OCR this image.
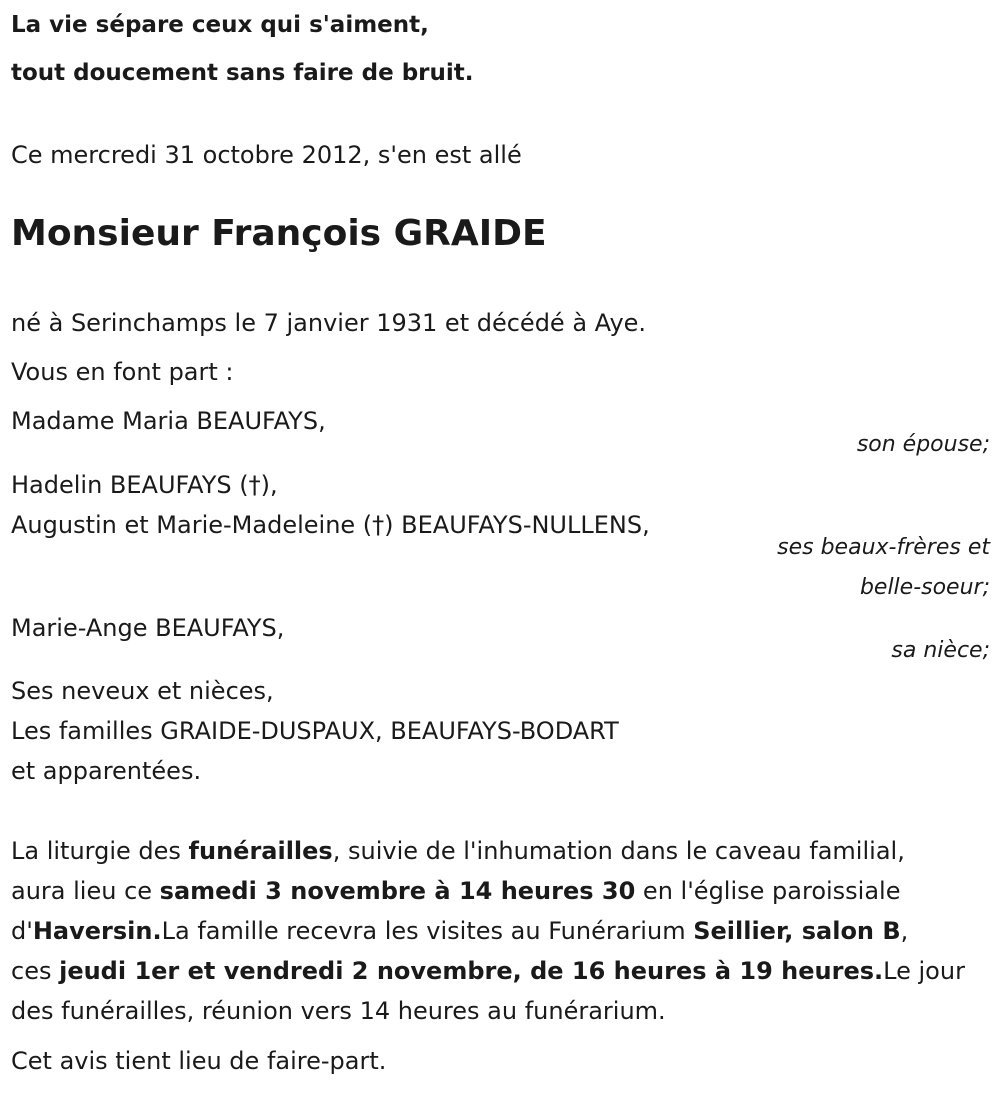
La vie sépare ceux qui s'aiment,
tout doucement sans faire de bruit.
Ce mercredi 31 octobre 2012, s'en est allé
Monsieur François GRAIDE
né à Serinchamps le 7 janvier 1931 et décédé à Aye.
Vous en font part :
Madame Maria BEAUFAYS,
son épouse;
Hadelin BEAUFAYS (†),
Augustin et Marie-Madeleine (†) BEAUFAYS-NULLENS,
ses beaux-frères et
belle-soeur;
Marie-Ange BEAUFAYS,
sa nièce;
Ses neveux et nièces,
Les familles GRAIDE-DUSPAUX, BEAUFAYS-BODART
et apparentées.
La liturgie des funérailles, suivie de l'inhumation dans le caveau familial,
aura lieu ce samedi 3 novembre à 14 heures 30 en l'église paroissiale
d'Haversin.La famille recevra les visites au Funérarium Seillier, salon B,
ces jeudi 1er et vendredi 2 novembre, de 16 heures à 19 heures.Le jour
des funérailles, réunion vers 14 heures au funérarium.
Cet avis tient lieu de faire-part.
